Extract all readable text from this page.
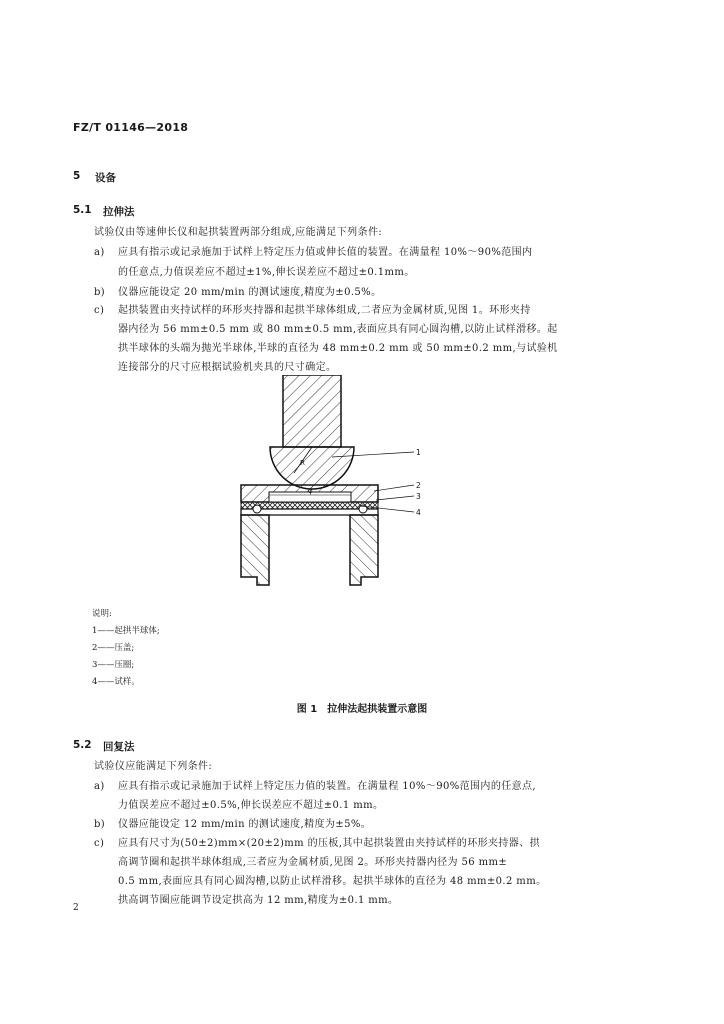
FZ/T 01146—2018
5 设备
5.1 拉伸法
试验仪由等速伸长仪和起拱装置两部分组成,应能满足下列条件:
a) 应具有指示或记录施加于试样上特定压力值或伸长值的装置。在满量程 10%～90%范围内
的任意点,力值误差应不超过±1%,伸长误差应不超过±0.1mm。
b) 仪器应能设定 20 mm/min 的测试速度,精度为±0.5%。
c) 起拱装置由夹持试样的环形夹持器和起拱半球体组成,二者应为金属材质,见图 1。环形夹持
器内径为 56 mm±0.5 mm 或 80 mm±0.5 mm,表面应具有同心圆沟槽,以防止试样滑移。起
拱半球体的头端为抛光半球体,半球的直径为 48 mm±0.2 mm 或 50 mm±0.2 mm,与试验机
连接部分的尺寸应根据试验机夹具的尺寸确定。
R
φ
1
2
3
4
说明:
1——起拱半球体;
2——压盖;
3——压圈;
4——试样。
图 1　拉伸法起拱装置示意图
5.2 回复法
试验仪应能满足下列条件:
a) 应具有指示或记录施加于试样上特定压力值的装置。在满量程 10%～90%范围内的任意点,
力值误差应不超过±0.5%,伸长误差应不超过±0.1 mm。
b) 仪器应能设定 12 mm/min 的测试速度,精度为±5%。
c) 应具有尺寸为(50±2)mm×(20±2)mm 的压板,其中起拱装置由夹持试样的环形夹持器、拱
高调节圈和起拱半球体组成,三者应为金属材质,见图 2。环形夹持器内径为 56 mm±
0.5 mm,表面应具有同心圆沟槽,以防止试样滑移。起拱半球体的直径为 48 mm±0.2 mm。
拱高调节圈应能调节设定拱高为 12 mm,精度为±0.1 mm。
2
